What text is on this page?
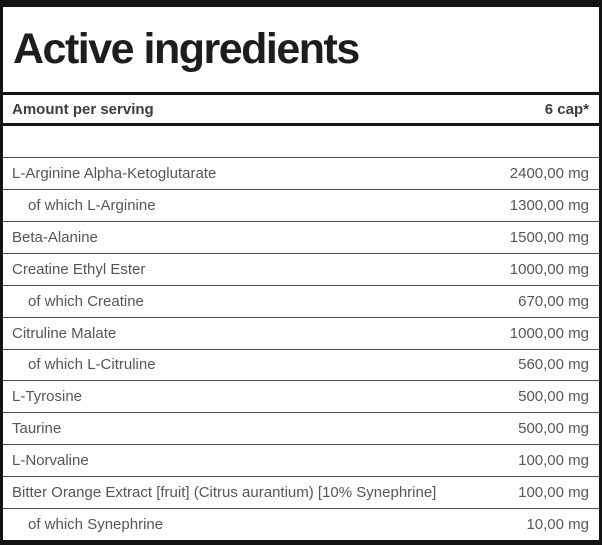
Active ingredients
Amount per serving	6 cap*
L-Arginine Alpha-Ketoglutarate	2400,00 mg
of which L-Arginine	1300,00 mg
Beta-Alanine	1500,00 mg
Creatine Ethyl Ester	1000,00 mg
of which Creatine	670,00 mg
Citruline Malate	1000,00 mg
of which L-Citruline	560,00 mg
L-Tyrosine	500,00 mg
Taurine	500,00 mg
L-Norvaline	100,00 mg
Bitter Orange Extract [fruit] (Citrus aurantium) [10% Synephrine]	100,00 mg
of which Synephrine	10,00 mg
